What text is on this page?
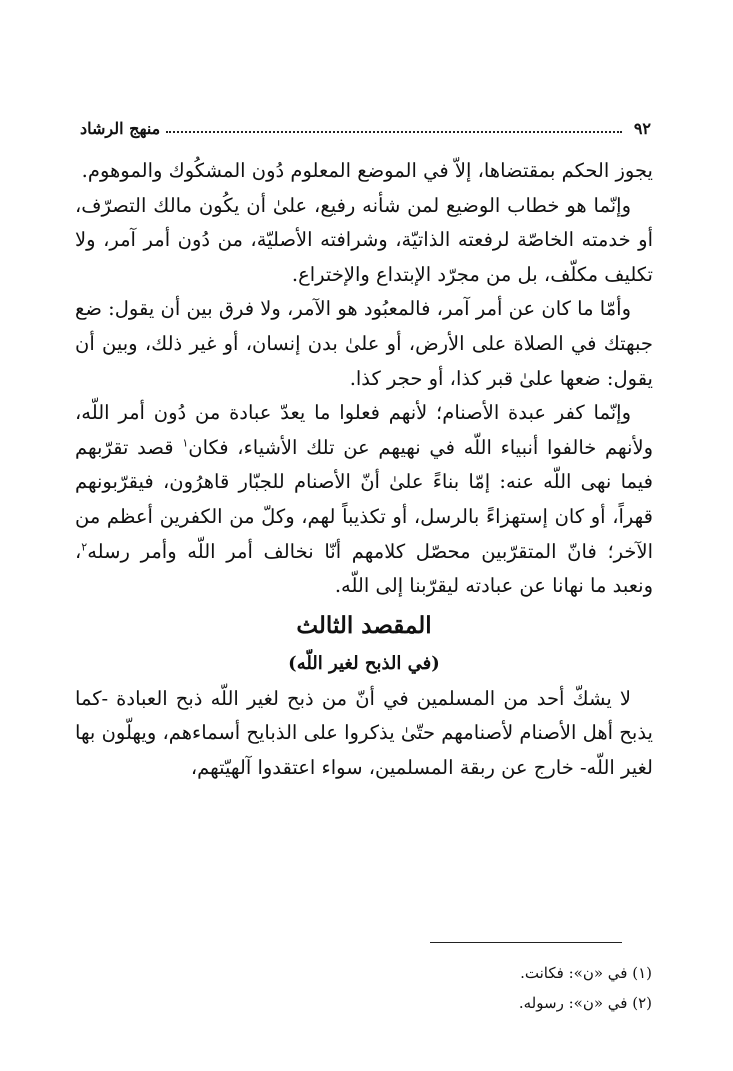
٩٢
منهج الرشاد

يجوز الحكم بمقتضاها، إلاّ في الموضع المعلوم دُون المشكُوك والموهوم.

وإنّما هو خطاب الوضيع لمن شأنه رفيع، علىٰ أن يكُون مالك التصرّف، أو خدمته الخاصّة لرفعته الذاتيّة، وشرافته الأصليّة، من دُون أمر آمر، ولا تكليف مكلّف، بل من مجرّد الإبتداع والإختراع.

وأمّا ما كان عن أمر آمر، فالمعبُود هو الآمر، ولا فرق بين أن يقول: ضع جبهتك في الصلاة على الأرض، أو علىٰ بدن إنسان، أو غير ذلك، وبين أن يقول: ضعها علىٰ قبر كذا، أو حجر كذا.

وإنّما كفر عبدة الأصنام؛ لأنهم فعلوا ما يعدّ عبادة من دُون أمر اللّه، ولأنهم خالفوا أنبياء اللّه في نهيهم عن تلك الأشياء، فكان$^١$ قصد تقرّبهم فيما نهى اللّه عنه: إمّا بناءً علىٰ أنّ الأصنام للجبّار قاهرُون، فيقرّبونهم قهراً، أو كان إستهزاءً بالرسل، أو تكذيباً لهم، وكلّ من الكفرين أعظم من الآخر؛ فانّ المتقرّبين محصّل كلامهم أنّا نخالف أمر اللّه وأمر رسله$^٢$، ونعبد ما نهانا عن عبادته ليقرّبنا إلى اللّه.

المقصد الثالث
(في الذبح لغير اللّه)

لا يشكّ أحد من المسلمين في أنّ من ذبح لغير اللّه ذبح العبادة -كما يذبح أهل الأصنام لأصنامهم حتّىٰ يذكروا على الذبايح أسماءهم، ويهلّون بها لغير اللّه- خارج عن ربقة المسلمين، سواء اعتقدوا آلهيّتهم،

(١) في «ن»: فكانت.

(٢) في «ن»: رسوله.
